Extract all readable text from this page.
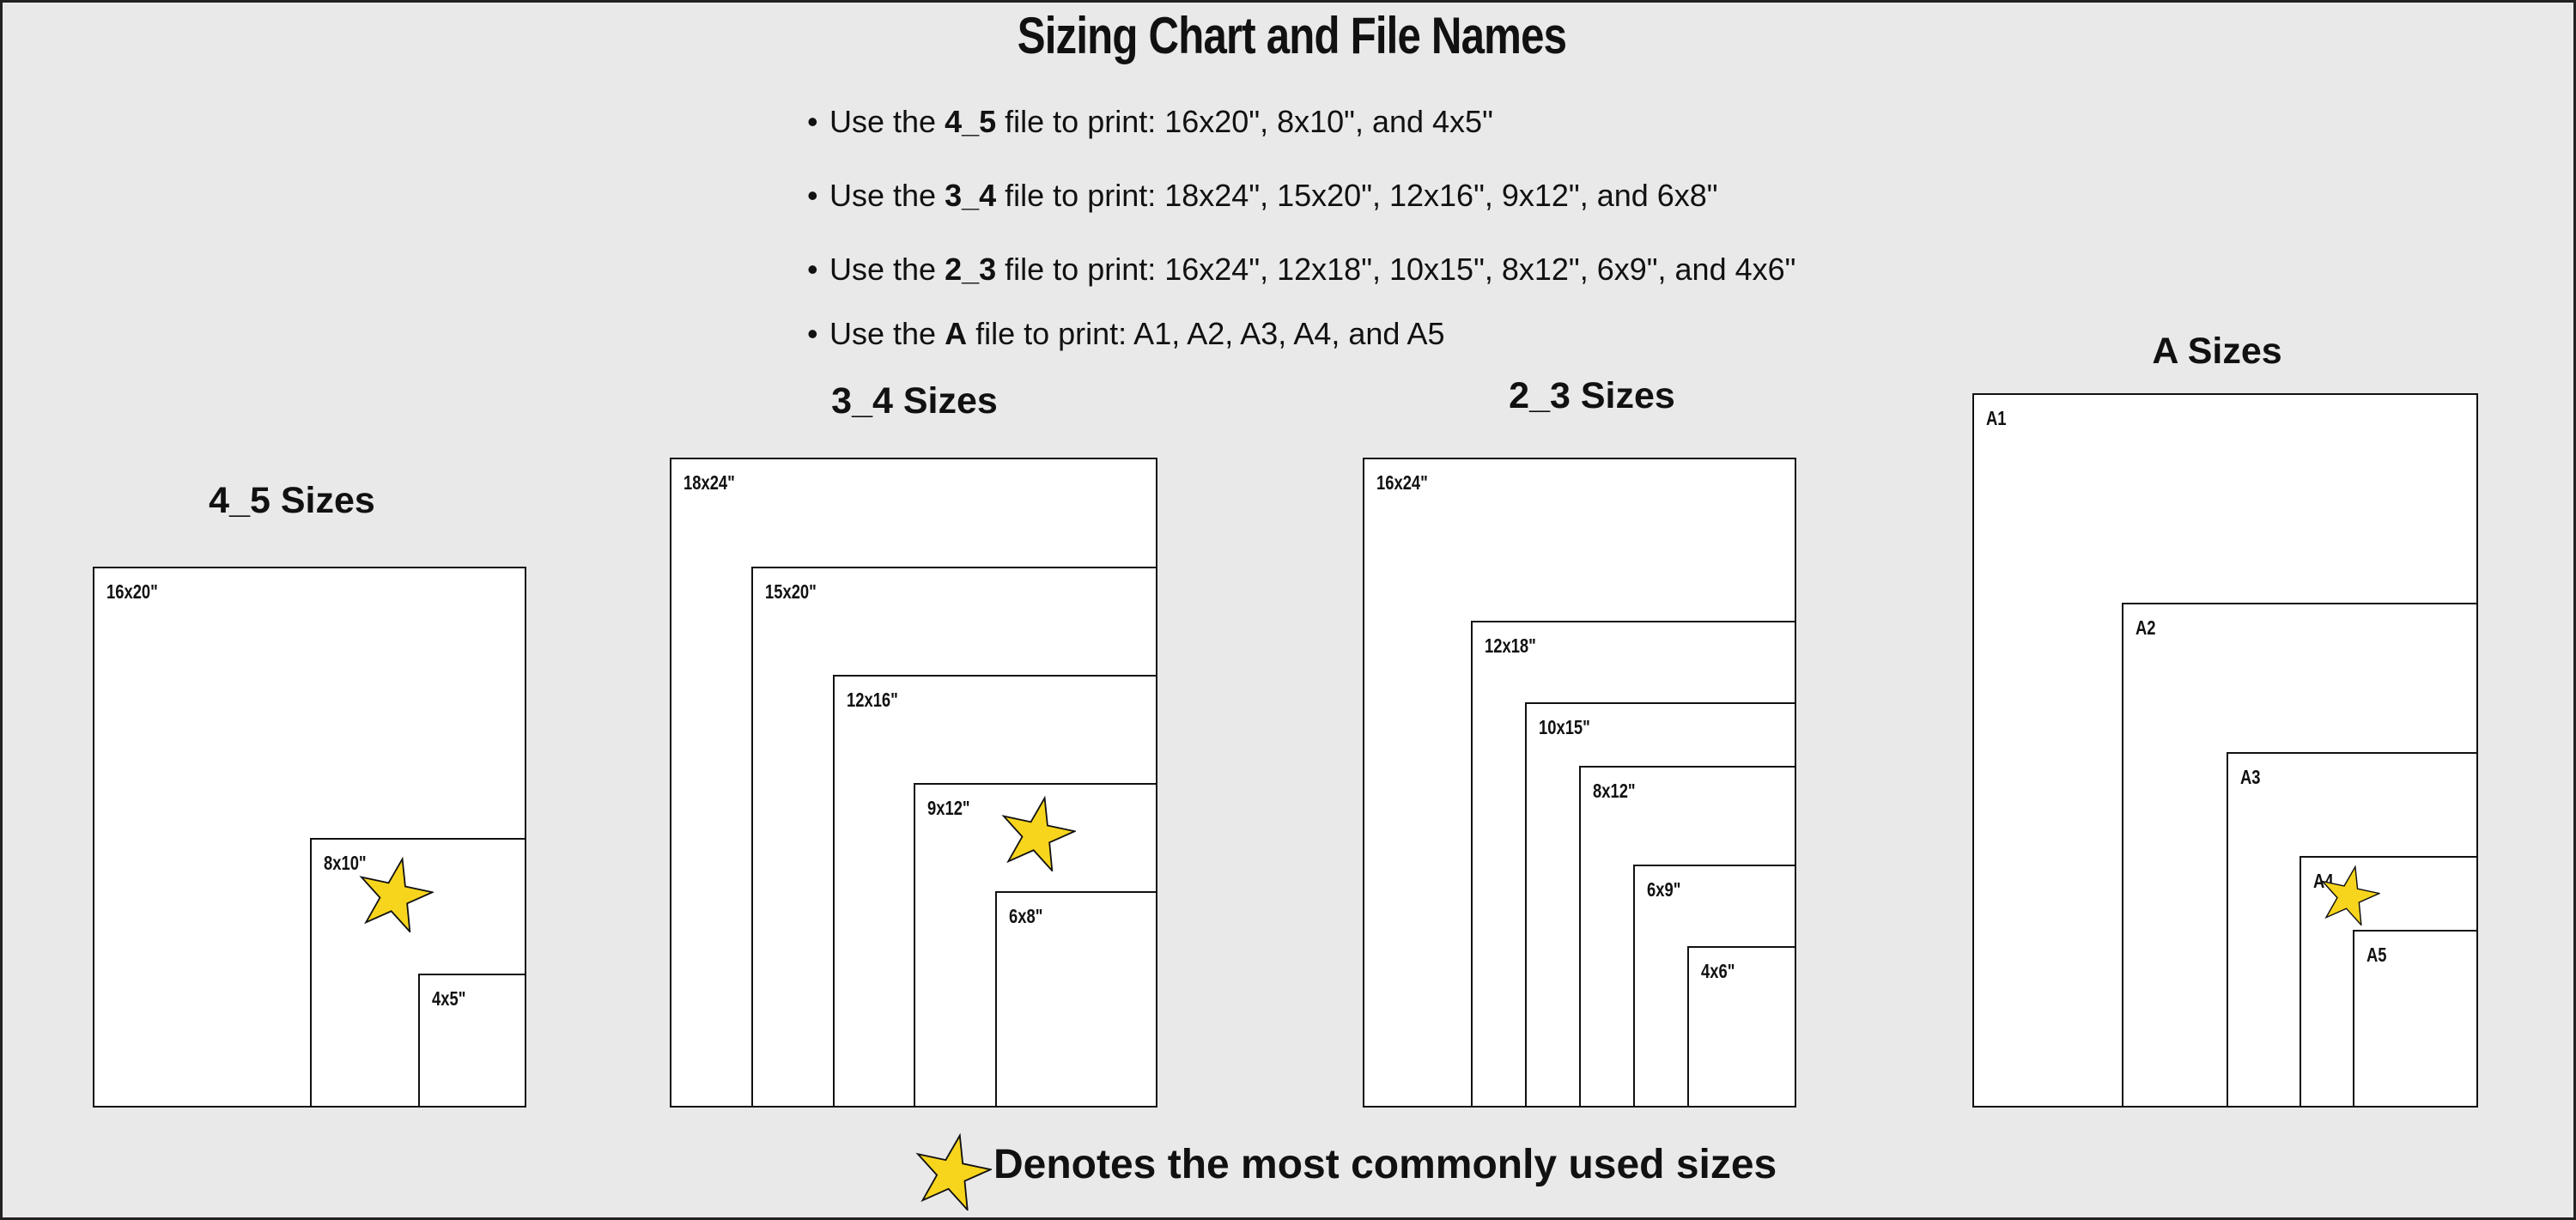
Sizing Chart and File Names
• Use the 4_5 file to print: 16x20", 8x10", and 4x5"
• Use the 3_4 file to print: 18x24", 15x20", 12x16", 9x12", and 6x8"
• Use the 2_3 file to print: 16x24", 12x18", 10x15", 8x12", 6x9", and 4x6"
• Use the A file to print: A1, A2, A3, A4, and A5
4_5 Sizes
3_4 Sizes	2_3 Sizes
A Sizes
16x20"
8x10"
4x5"
18x24"
15x20"
12x16"
9x12"
6x8"
16x24"
12x18"
10x15"
8x12"
6x9"
4x6"
A1
A2
A3
A4
A5
Denotes the most commonly used sizes
